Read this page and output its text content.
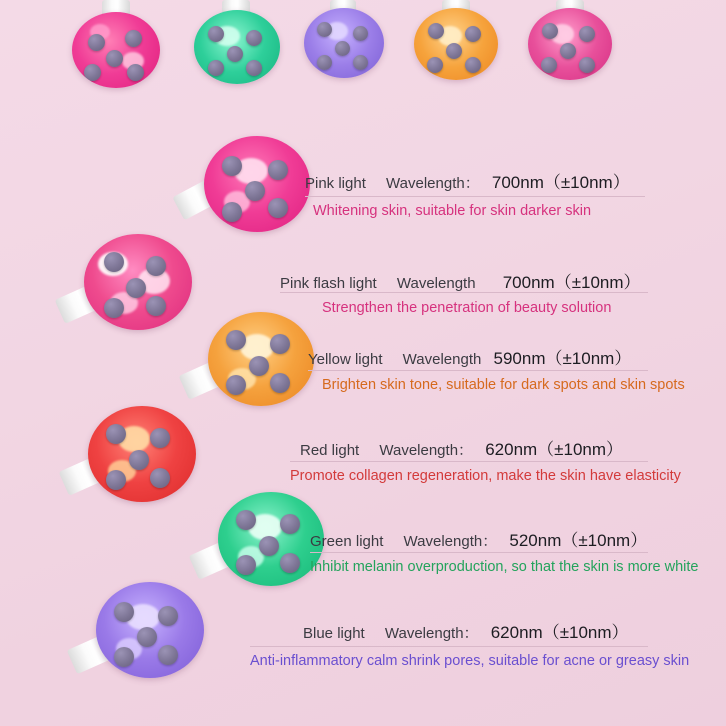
Pink light Wavelength： 700nm（±10nm）
Whitening skin, suitable for skin darker skin
Pink flash light Wavelength　 700nm（±10nm）
Strengthen the penetration of beauty solution
Yellow light Wavelength 590nm（±10nm）
Brighten skin tone, suitable for dark spots and skin spots
Red light Wavelength： 620nm（±10nm）
Promote collagen regeneration, make the skin have elasticity
Green light Wavelength： 520nm（±10nm）
Inhibit melanin overproduction, so that the skin is more white
Blue light Wavelength： 620nm（±10nm）
Anti-inflammatory calm shrink pores, suitable for acne or greasy skin
